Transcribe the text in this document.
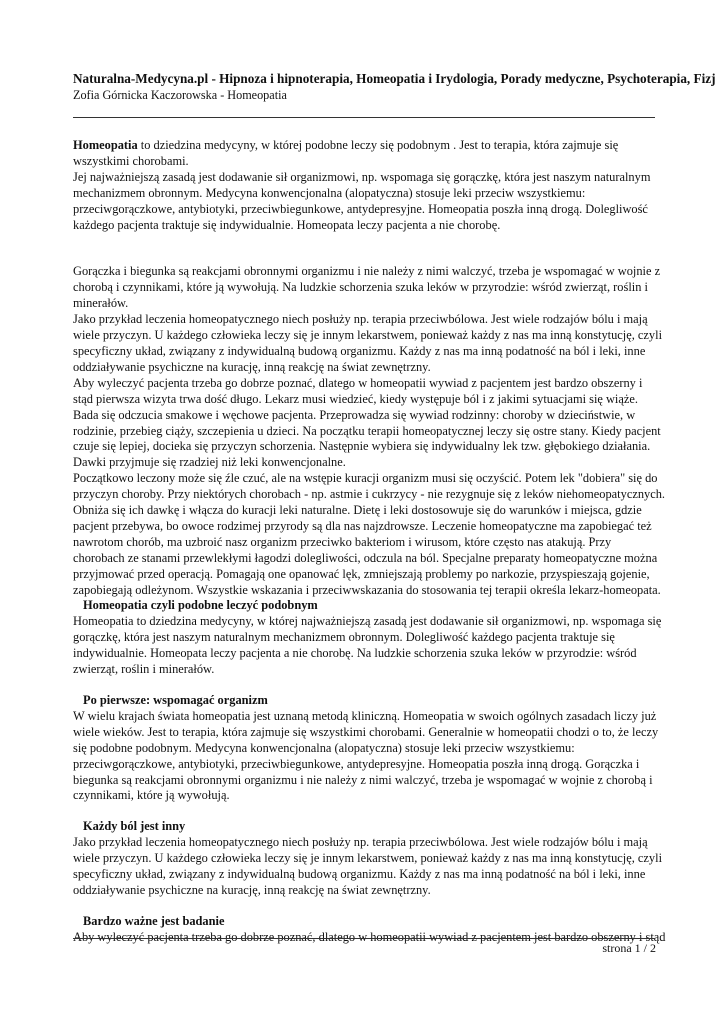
Naturalna-Medycyna.pl - Hipnoza i hipnoterapia, Homeopatia i Irydologia, Porady medyczne, Psychoterapia, Fizj
Zofia Górnicka Kaczorowska - Homeopatia

Homeopatia to dziedzina medycyny, w której podobne leczy się podobnym . Jest to terapia, która zajmuje się wszystkimi chorobami.

Jej najważniejszą zasadą jest dodawanie sił organizmowi, np. wspomaga się gorączkę, która jest naszym naturalnym mechanizmem obronnym. Medycyna konwencjonalna (alopatyczna) stosuje leki przeciw wszystkiemu: przeciwgorączkowe, antybiotyki, przeciwbiegunkowe, antydepresyjne. Homeopatia poszła inną drogą. Dolegliwość każdego pacjenta traktuje się indywidualnie. Homeopata leczy pacjenta a nie chorobę.

Gorączka i biegunka są reakcjami obronnymi organizmu i nie należy z nimi walczyć, trzeba je wspomagać w wojnie z chorobą i czynnikami, które ją wywołują. Na ludzkie schorzenia szuka leków w przyrodzie: wśród zwierząt, roślin i minerałów.

Jako przykład leczenia homeopatycznego niech posłuży np. terapia przeciwbólowa. Jest wiele rodzajów bólu i mają wiele przyczyn. U każdego człowieka leczy się je innym lekarstwem, ponieważ każdy z nas ma inną konstytucję, czyli specyficzny układ, związany z indywidualną budową organizmu. Każdy z nas ma inną podatność na ból i leki, inne oddziaływanie psychiczne na kurację, inną reakcję na świat zewnętrzny.

Aby wyleczyć pacjenta trzeba go dobrze poznać, dlatego w homeopatii wywiad z pacjentem jest bardzo obszerny i stąd pierwsza wizyta trwa dość długo. Lekarz musi wiedzieć, kiedy występuje ból i z jakimi sytuacjami się wiąże. Bada się odczucia smakowe i węchowe pacjenta. Przeprowadza się wywiad rodzinny: choroby w dzieciństwie, w rodzinie, przebieg ciąży, szczepienia u dzieci. Na początku terapii homeopatycznej leczy się ostre stany. Kiedy pacjent czuje się lepiej, docieka się przyczyn schorzenia. Następnie wybiera się indywidualny lek tzw. głębokiego działania. Dawki przyjmuje się rzadziej niż leki konwencjonalne.

Początkowo leczony może się źle czuć, ale na wstępie kuracji organizm musi się oczyścić. Potem lek "dobiera" się do przyczyn choroby. Przy niektórych chorobach - np. astmie i cukrzycy - nie rezygnuje się z leków niehomeopatycznych. Obniża się ich dawkę i włącza do kuracji leki naturalne. Dietę i leki dostosowuje się do warunków i miejsca, gdzie pacjent przebywa, bo owoce rodzimej przyrody są dla nas najzdrowsze. Leczenie homeopatyczne ma zapobiegać też nawrotom chorób, ma uzbroić nasz organizm przeciwko bakteriom i wirusom, które często nas atakują. Przy chorobach ze stanami przewlekłymi łagodzi dolegliwości, odczula na ból. Specjalne preparaty homeopatyczne można przyjmować przed operacją. Pomagają one opanować lęk, zmniejszają problemy po narkozie, przyspieszają gojenie, zapobiegają odleżynom. Wszystkie wskazania i przeciwwskazania do stosowania tej terapii określa lekarz-homeopata.

Homeopatia czyli podobne leczyć podobnym

Homeopatia to dziedzina medycyny, w której najważniejszą zasadą jest dodawanie sił organizmowi, np. wspomaga się gorączkę, która jest naszym naturalnym mechanizmem obronnym. Dolegliwość każdego pacjenta traktuje się indywidualnie. Homeopata leczy pacjenta a nie chorobę. Na ludzkie schorzenia szuka leków w przyrodzie: wśród zwierząt, roślin i minerałów.

Po pierwsze: wspomagać organizm

W wielu krajach świata homeopatia jest uznaną metodą kliniczną. Homeopatia w swoich ogólnych zasadach liczy już wiele wieków. Jest to terapia, która zajmuje się wszystkimi chorobami. Generalnie w homeopatii chodzi o to, że leczy się podobne podobnym. Medycyna konwencjonalna (alopatyczna) stosuje leki przeciw wszystkiemu: przeciwgorączkowe, antybiotyki, przeciwbiegunkowe, antydepresyjne. Homeopatia poszła inną drogą. Gorączka i biegunka są reakcjami obronnymi organizmu i nie należy z nimi walczyć, trzeba je wspomagać w wojnie z chorobą i czynnikami, które ją wywołują.

Każdy ból jest inny

Jako przykład leczenia homeopatycznego niech posłuży np. terapia przeciwbólowa. Jest wiele rodzajów bólu i mają wiele przyczyn. U każdego człowieka leczy się je innym lekarstwem, ponieważ każdy z nas ma inną konstytucję, czyli specyficzny układ, związany z indywidualną budową organizmu. Każdy z nas ma inną podatność na ból i leki, inne oddziaływanie psychiczne na kurację, inną reakcję na świat zewnętrzny.

Bardzo ważne jest badanie

Aby wyleczyć pacjenta trzeba go dobrze poznać, dlatego w homeopatii wywiad z pacjentem jest bardzo obszerny i stąd

strona 1 / 2
